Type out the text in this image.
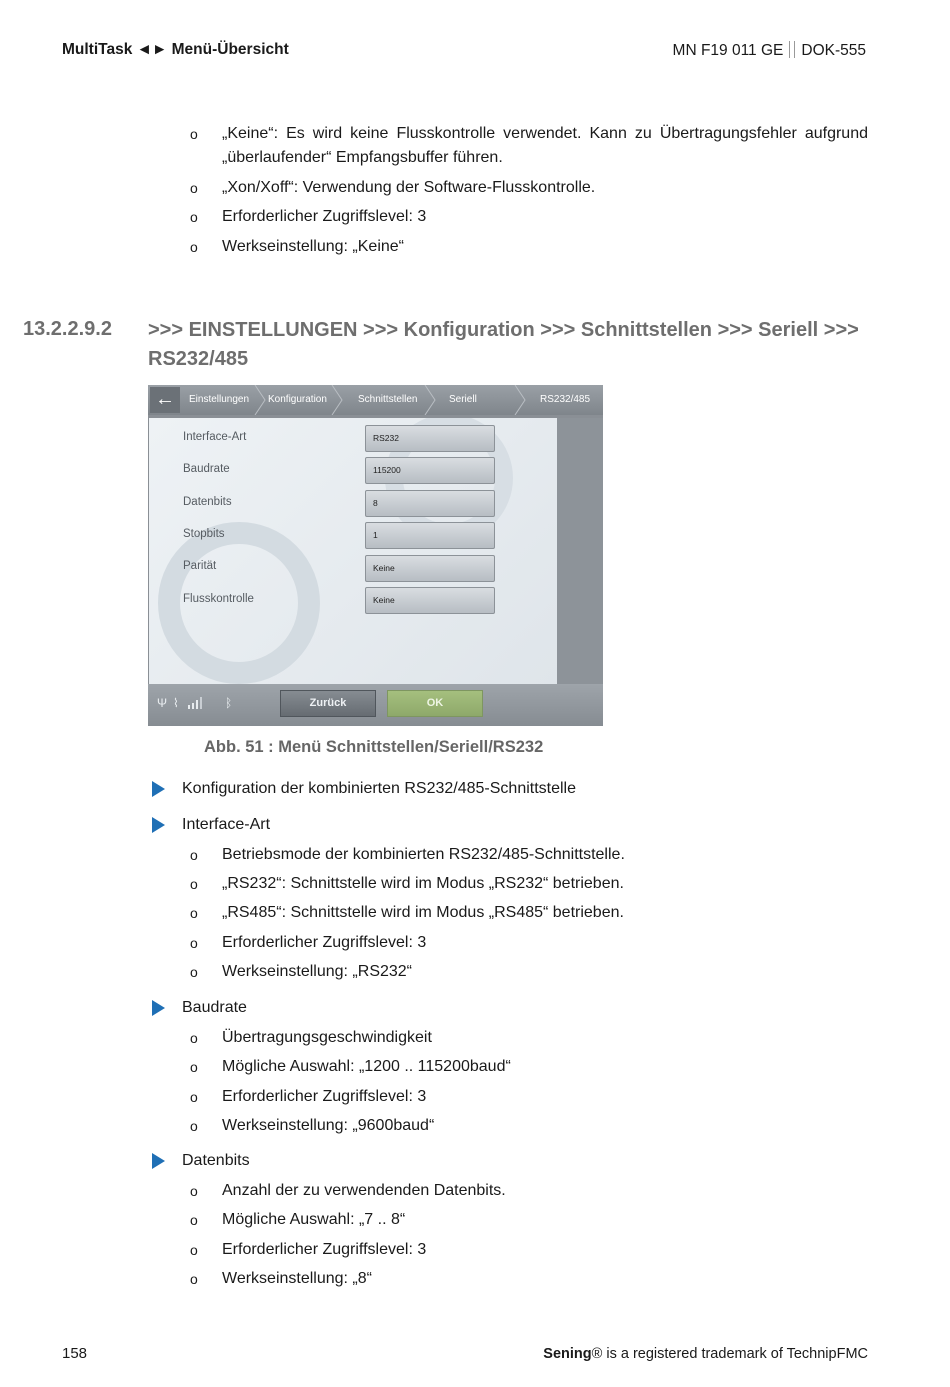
MultiTask ◄► Menü-Übersicht	MN F19 011 GE DOK-555
o	„Keine“: Es wird keine Flusskontrolle verwendet. Kann zu Übertragungsfehler aufgrund „überlaufender“ Empfangsbuffer führen.
o	„Xon/Xoff“: Verwendung der Software-Flusskontrolle.
o	Erforderlicher Zugriffslevel: 3
o	Werkseinstellung: „Keine“
13.2.2.9.2 >>> EINSTELLUNGEN >>> Konfiguration >>> Schnittstellen >>> Seriell >>> RS232/485
←	Einstellungen Konfiguration	Schnittstellen	Seriell	RS232/485
Interface-Art	RS232
Baudrate	115200
Datenbits	8
Stopbits	1
Parität	Keine
Flusskontrolle	Keine
Ψ ⌇	ᛒ	Zurück	OK
Abb. 51 : Menü Schnittstellen/Seriell/RS232
Konfiguration der kombinierten RS232/485-Schnittstelle
Interface-Art
o	Betriebsmode der kombinierten RS232/485-Schnittstelle.
o	„RS232“: Schnittstelle wird im Modus „RS232“ betrieben.
o	„RS485“: Schnittstelle wird im Modus „RS485“ betrieben.
o	Erforderlicher Zugriffslevel: 3
o	Werkseinstellung: „RS232“
Baudrate
o	Übertragungsgeschwindigkeit
o	Mögliche Auswahl: „1200 .. 115200baud“
o	Erforderlicher Zugriffslevel: 3
o	Werkseinstellung: „9600baud“
Datenbits
o	Anzahl der zu verwendenden Datenbits.
o	Mögliche Auswahl: „7 .. 8“
o	Erforderlicher Zugriffslevel: 3
o	Werkseinstellung: „8“
158	Sening® is a registered trademark of TechnipFMC
